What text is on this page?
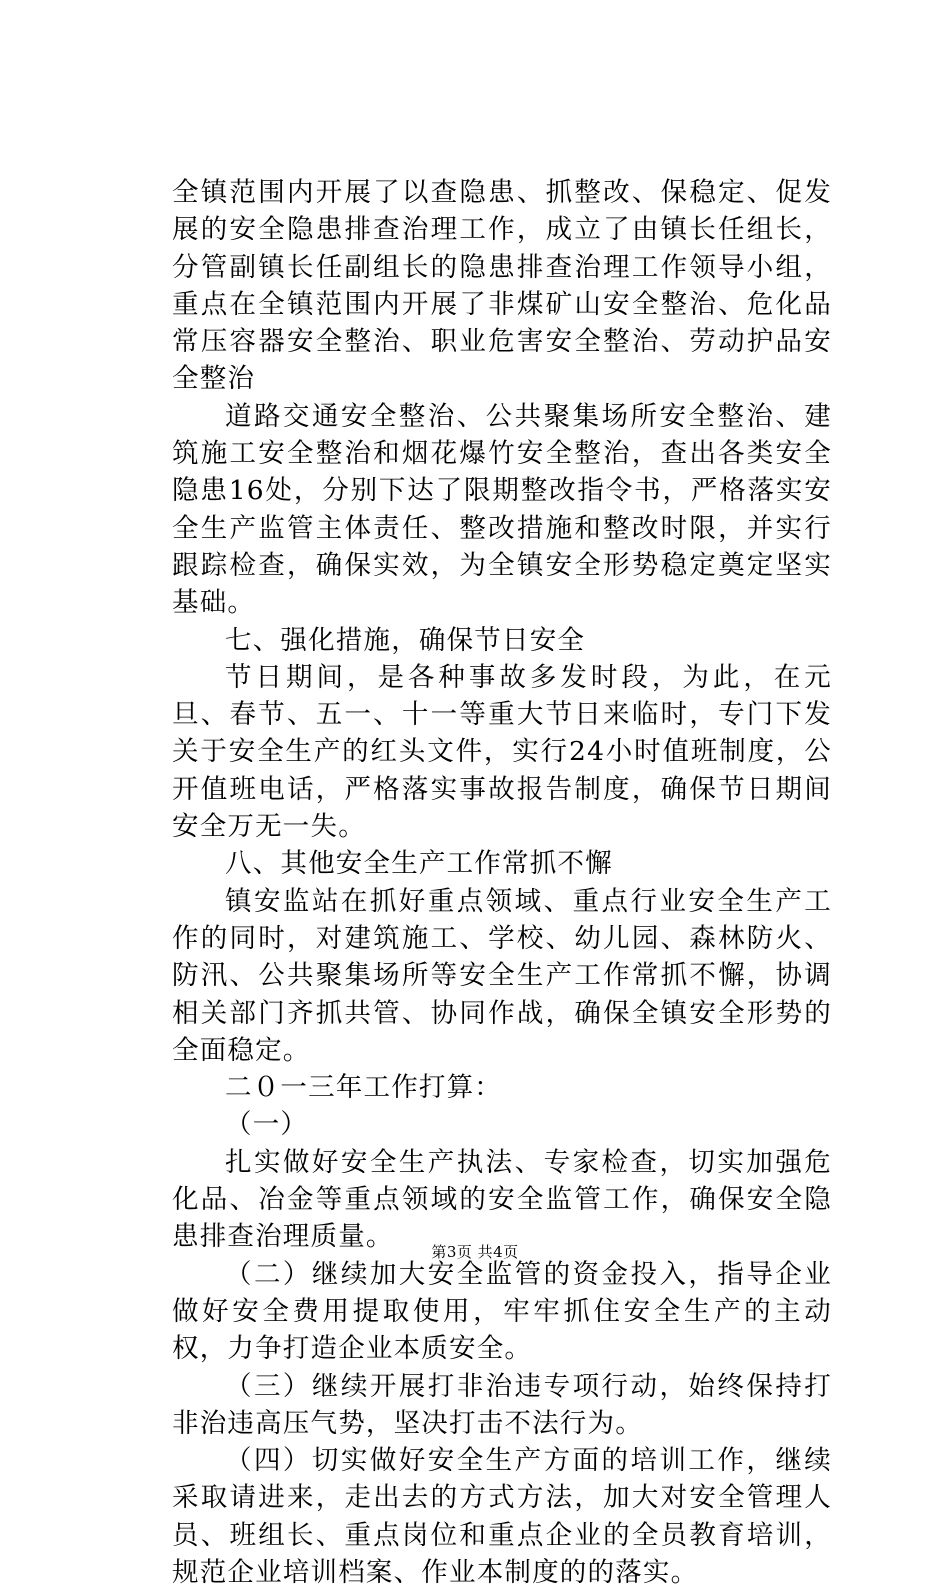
全镇范围内开展了以查隐患、抓整改、保稳定、促发展的安全隐患排查治理工作，成立了由镇长任组长，分管副镇长任副组长的隐患排查治理工作领导小组，重点在全镇范围内开展了非煤矿山安全整治、危化品常压容器安全整治、职业危害安全整治、劳动护品安全整治

道路交通安全整治、公共聚集场所安全整治、建筑施工安全整治和烟花爆竹安全整治，查出各类安全隐患16处，分别下达了限期整改指令书，严格落实安全生产监管主体责任、整改措施和整改时限，并实行跟踪检查，确保实效，为全镇安全形势稳定奠定坚实基础。

七、强化措施，确保节日安全

节日期间，是各种事故多发时段，为此，在元旦、春节、五一、十一等重大节日来临时，专门下发关于安全生产的红头文件，实行24小时值班制度，公开值班电话，严格落实事故报告制度，确保节日期间安全万无一失。

八、其他安全生产工作常抓不懈

镇安监站在抓好重点领域、重点行业安全生产工作的同时，对建筑施工、学校、幼儿园、森林防火、防汛、公共聚集场所等安全生产工作常抓不懈，协调相关部门齐抓共管、协同作战，确保全镇安全形势的全面稳定。

二０一三年工作打算：

（一）

扎实做好安全生产执法、专家检查，切实加强危化品、冶金等重点领域的安全监管工作，确保安全隐患排查治理质量。

（二）继续加大安全监管的资金投入，指导企业做好安全费用提取使用，牢牢抓住安全生产的主动权，力争打造企业本质安全。

（三）继续开展打非治违专项行动，始终保持打非治违高压气势，坚决打击不法行为。

（四）切实做好安全生产方面的培训工作，继续采取请进来，走出去的方式方法，加大对安全管理人员、班组长、重点岗位和重点企业的全员教育培训，规范企业培训档案、作业本制度的的落实。

第3页 共4页
